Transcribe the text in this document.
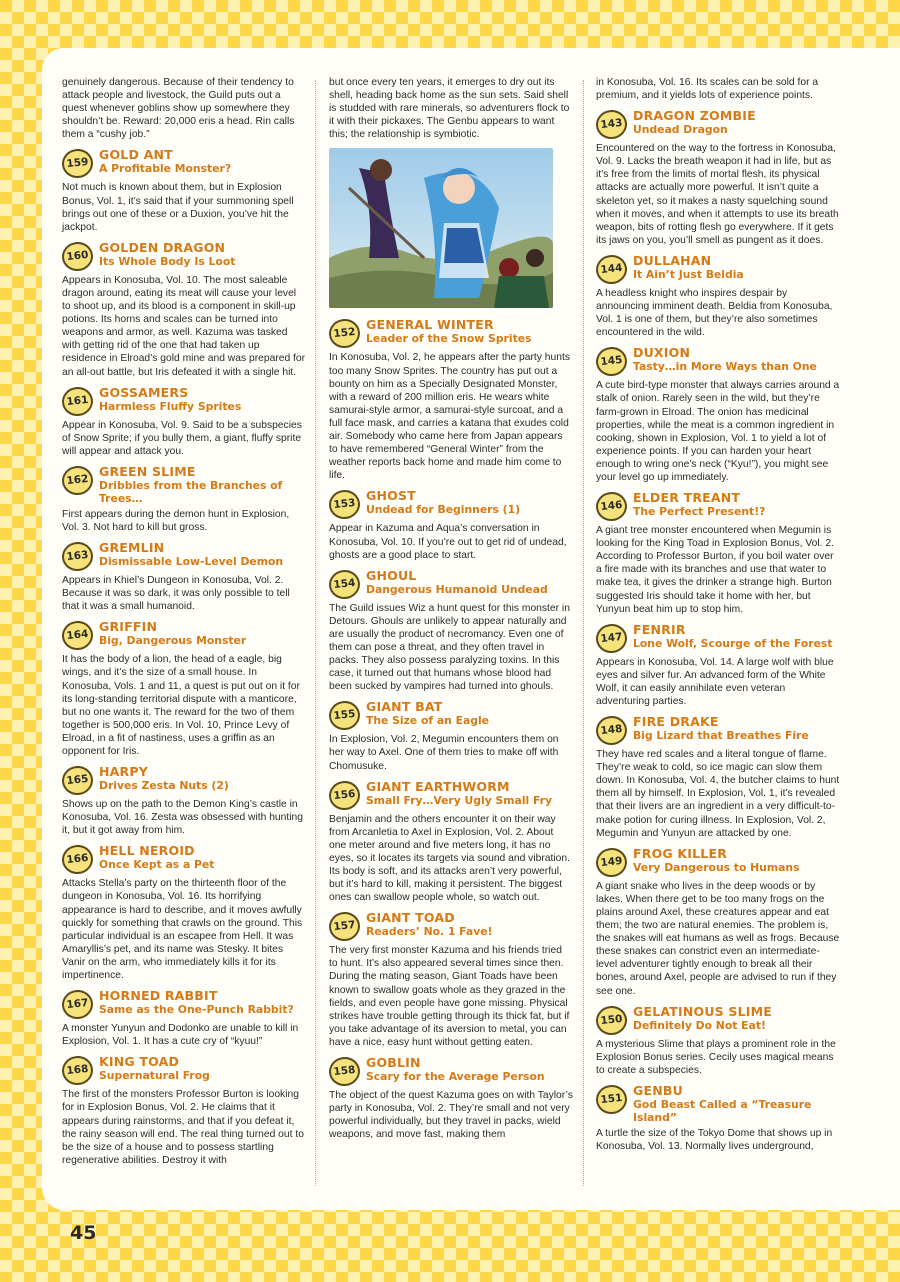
genuinely dangerous. Because of their tendency to attack people and livestock, the Guild puts out a quest whenever goblins show up somewhere they shouldn’t be. Reward: 20,000 eris a head. Rin calls them a “cushy job.”

159
GOLD ANT
A Profitable Monster?

Not much is known about them, but in Explosion Bonus, Vol. 1, it’s said that if your summoning spell brings out one of these or a Duxion, you’ve hit the jackpot.

160
GOLDEN DRAGON
Its Whole Body Is Loot

Appears in Konosuba, Vol. 10. The most saleable dragon around, eating its meat will cause your level to shoot up, and its blood is a component in skill-up potions. Its horns and scales can be turned into weapons and armor, as well. Kazuma was tasked with getting rid of the one that had taken up residence in Elroad’s gold mine and was prepared for an all-out battle, but Iris defeated it with a single hit.

161
GOSSAMERS
Harmless Fluffy Sprites

Appear in Konosuba, Vol. 9. Said to be a subspecies of Snow Sprite; if you bully them, a giant, fluffy sprite will appear and attack you.

162
GREEN SLIME
Dribbles from the Branches of Trees…

First appears during the demon hunt in Explosion, Vol. 3. Not hard to kill but gross.

163
GREMLIN
Dismissable Low-Level Demon

Appears in Khiel’s Dungeon in Konosuba, Vol. 2. Because it was so dark, it was only possible to tell that it was a small humanoid.

164
GRIFFIN
Big, Dangerous Monster

It has the body of a lion, the head of a eagle, big wings, and it’s the size of a small house. In Konosuba, Vols. 1 and 11, a quest is put out on it for its long-standing territorial dispute with a manticore, but no one wants it. The reward for the two of them together is 500,000 eris. In Vol. 10, Prince Levy of Elroad, in a fit of nastiness, uses a griffin as an opponent for Iris.

165
HARPY
Drives Zesta Nuts (2)

Shows up on the path to the Demon King’s castle in Konosuba, Vol. 16. Zesta was obsessed with hunting it, but it got away from him.

166
HELL NEROID
Once Kept as a Pet

Attacks Stella’s party on the thirteenth floor of the dungeon in Konosuba, Vol. 16. Its horrifying appearance is hard to describe, and it moves awfully quickly for something that crawls on the ground. This particular individual is an escapee from Hell. It was Amaryllis’s pet, and its name was Stesky. It bites Vanir on the arm, who immediately kills it for its impertinence.

167
HORNED RABBIT
Same as the One-Punch Rabbit?

A monster Yunyun and Dodonko are unable to kill in Explosion, Vol. 1. It has a cute cry of “kyuu!”

168
KING TOAD
Supernatural Frog

The first of the monsters Professor Burton is looking for in Explosion Bonus, Vol. 2. He claims that it appears during rainstorms, and that if you defeat it, the rainy season will end. The real thing turned out to be the size of a house and to possess startling regenerative abilities. Destroy it with

but once every ten years, it emerges to dry out its shell, heading back home as the sun sets. Said shell is studded with rare minerals, so adventurers flock to it with their pickaxes. The Genbu appears to want this; the relationship is symbiotic.

152
GENERAL WINTER
Leader of the Snow Sprites

In Konosuba, Vol. 2, he appears after the party hunts too many Snow Sprites. The country has put out a bounty on him as a Specially Designated Monster, with a reward of 200 million eris. He wears white samurai-style armor, a samurai-style surcoat, and a full face mask, and carries a katana that exudes cold air. Somebody who came here from Japan appears to have remembered “General Winter” from the weather reports back home and made him come to life.

153
GHOST
Undead for Beginners (1)

Appear in Kazuma and Aqua’s conversation in Konosuba, Vol. 10. If you’re out to get rid of undead, ghosts are a good place to start.

154
GHOUL
Dangerous Humanoid Undead

The Guild issues Wiz a hunt quest for this monster in Detours. Ghouls are unlikely to appear naturally and are usually the product of necromancy. Even one of them can pose a threat, and they often travel in packs. They also possess paralyzing toxins. In this case, it turned out that humans whose blood had been sucked by vampires had turned into ghouls.

155
GIANT BAT
The Size of an Eagle

In Explosion, Vol. 2, Megumin encounters them on her way to Axel. One of them tries to make off with Chomusuke.

156
GIANT EARTHWORM
Small Fry…Very Ugly Small Fry

Benjamin and the others encounter it on their way from Arcanletia to Axel in Explosion, Vol. 2. About one meter around and five meters long, it has no eyes, so it locates its targets via sound and vibration. Its body is soft, and its attacks aren’t very powerful, but it’s hard to kill, making it persistent. The biggest ones can swallow people whole, so watch out.

157
GIANT TOAD
Readers’ No. 1 Fave!

The very first monster Kazuma and his friends tried to hunt. It’s also appeared several times since then. During the mating season, Giant Toads have been known to swallow goats whole as they grazed in the fields, and even people have gone missing. Physical strikes have trouble getting through its thick fat, but if you take advantage of its aversion to metal, you can have a nice, easy hunt without getting eaten.

158
GOBLIN
Scary for the Average Person

The object of the quest Kazuma goes on with Taylor’s party in Konosuba, Vol. 2. They’re small and not very powerful individually, but they travel in packs, wield weapons, and move fast, making them

in Konosuba, Vol. 16. Its scales can be sold for a premium, and it yields lots of experience points.

143
DRAGON ZOMBIE
Undead Dragon

Encountered on the way to the fortress in Konosuba, Vol. 9. Lacks the breath weapon it had in life, but as it’s free from the limits of mortal flesh, its physical attacks are actually more powerful. It isn’t quite a skeleton yet, so it makes a nasty squelching sound when it moves, and when it attempts to use its breath weapon, bits of rotting flesh go everywhere. If it gets its jaws on you, you’ll smell as pungent as it does.

144
DULLAHAN
It Ain’t Just Beldia

A headless knight who inspires despair by announcing imminent death. Beldia from Konosuba, Vol. 1 is one of them, but they’re also sometimes encountered in the wild.

145
DUXION
Tasty…in More Ways than One

A cute bird-type monster that always carries around a stalk of onion. Rarely seen in the wild, but they’re farm-grown in Elroad. The onion has medicinal properties, while the meat is a common ingredient in cooking, shown in Explosion, Vol. 1 to yield a lot of experience points. If you can harden your heart enough to wring one’s neck (“Kyu!”), you might see your level go up immediately.

146
ELDER TREANT
The Perfect Present!?

A giant tree monster encountered when Megumin is looking for the King Toad in Explosion Bonus, Vol. 2. According to Professor Burton, if you boil water over a fire made with its branches and use that water to make tea, it gives the drinker a strange high. Burton suggested Iris should take it home with her, but Yunyun beat him up to stop him.

147
FENRIR
Lone Wolf, Scourge of the Forest

Appears in Konosuba, Vol. 14. A large wolf with blue eyes and silver fur. An advanced form of the White Wolf, it can easily annihilate even veteran adventuring parties.

148
FIRE DRAKE
Big Lizard that Breathes Fire

They have red scales and a literal tongue of flame. They’re weak to cold, so ice magic can slow them down. In Konosuba, Vol. 4, the butcher claims to hunt them all by himself. In Explosion, Vol. 1, it’s revealed that their livers are an ingredient in a very difficult-to-make potion for curing illness. In Explosion, Vol. 2, Megumin and Yunyun are attacked by one.

149
FROG KILLER
Very Dangerous to Humans

A giant snake who lives in the deep woods or by lakes. When there get to be too many frogs on the plains around Axel, these creatures appear and eat them; the two are natural enemies. The problem is, the snakes will eat humans as well as frogs. Because these snakes can constrict even an intermediate-level adventurer tightly enough to break all their bones, around Axel, people are advised to run if they see one.

150
GELATINOUS SLIME
Definitely Do Not Eat!

A mysterious Slime that plays a prominent role in the Explosion Bonus series. Cecily uses magical means to create a subspecies.

151
GENBU
God Beast Called a “Treasure Island”

A turtle the size of the Tokyo Dome that shows up in Konosuba, Vol. 13. Normally lives underground,

45
